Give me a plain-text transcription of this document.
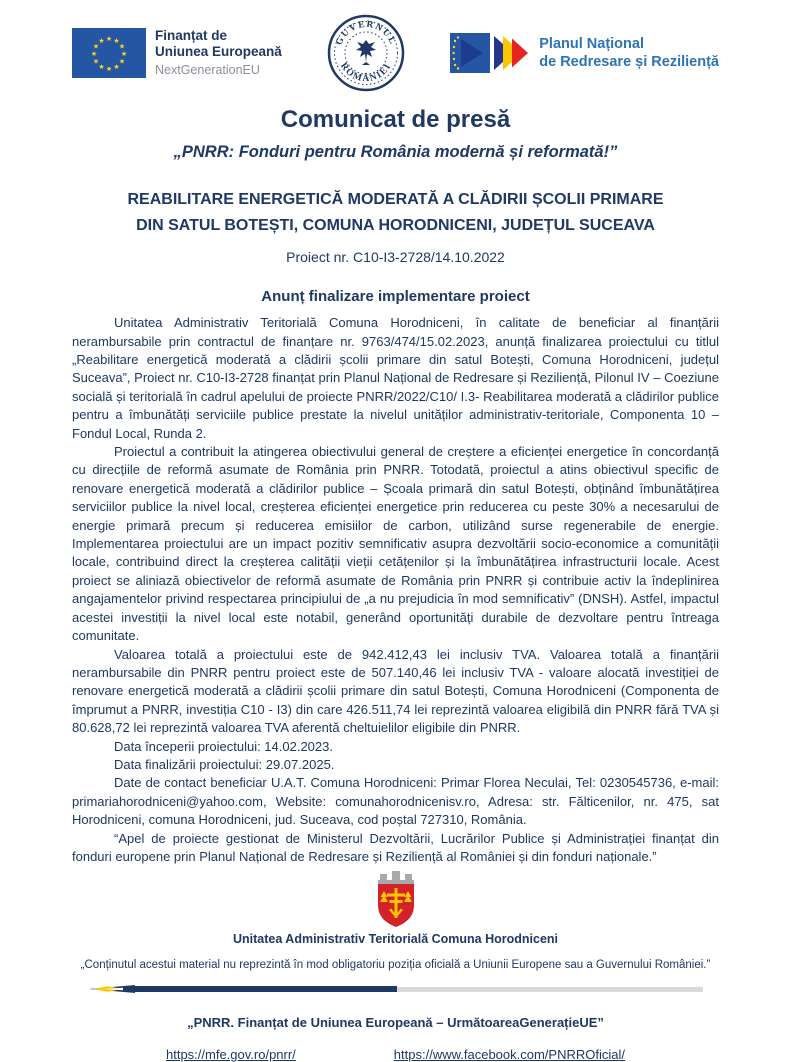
★ ★
★
★
★
★
★
★
★
★
★
★	Finanțat de
Uniunea Europeană
NextGenerationEU
GUVERNUL
ROMÂNIEI
Planul Național
de Redresare și Reziliență
Comunicat de presă
„PNRR: Fonduri pentru România modernă și reformată!”
REABILITARE ENERGETICĂ MODERATĂ A CLĂDIRII ȘCOLII PRIMARE
DIN SATUL BOTEȘTI, COMUNA HORODNICENI, JUDEȚUL SUCEAVA
Proiect nr. C10-I3-2728/14.10.2022
Anunț finalizare implementare proiect

Unitatea Administrativ Teritorială Comuna Horodniceni, în calitate de beneficiar al finanțării nerambursabile prin contractul de finanțare nr. 9763/474/15.02.2023, anunță finalizarea proiectului cu titlul „Reabilitare energetică moderată a clădirii școlii primare din satul Botești, Comuna Horodniceni, județul Suceava”, Proiect nr. C10-I3-2728 finanțat prin Planul Național de Redresare și Reziliență, Pilonul IV – Coeziune socială și teritorială în cadrul apelului de proiecte PNRR/2022/C10/ I.3- Reabilitarea moderată a clădirilor publice pentru a îmbunătăți serviciile publice prestate la nivelul unităților administrativ-teritoriale, Componenta 10 – Fondul Local, Runda 2.

Proiectul a contribuit la atingerea obiectivului general de creștere a eficienței energetice în concordanță cu direcțiile de reformă asumate de România prin PNRR. Totodată, proiectul a atins obiectivul specific de renovare energetică moderată a clădirilor publice – Școala primară din satul Botești, obținând îmbunătățirea serviciilor publice la nivel local, creșterea eficienței energetice prin reducerea cu peste 30% a necesarului de energie primară precum și reducerea emisiilor de carbon, utilizând surse regenerabile de energie. Implementarea proiectului are un impact pozitiv semnificativ asupra dezvoltării socio-economice a comunității locale, contribuind direct la creșterea calității vieții cetățenilor și la îmbunătățirea infrastructurii locale. Acest proiect se aliniază obiectivelor de reformă asumate de România prin PNRR și contribuie activ la îndeplinirea angajamentelor privind respectarea principiului de „a nu prejudicia în mod semnificativ” (DNSH). Astfel, impactul acestei investiții la nivel local este notabil, generând oportunități durabile de dezvoltare pentru întreaga comunitate.

Valoarea totală a proiectului este de 942.412,43 lei inclusiv TVA. Valoarea totală a finanțării nerambursabile din PNRR pentru proiect este de 507.140,46 lei inclusiv TVA - valoare alocată investiției de renovare energetică moderată a clădirii școlii primare din satul Botești, Comuna Horodniceni (Componenta de împrumut a PNRR, investiția C10 - I3) din care 426.511,74 lei reprezintă valoarea eligibilă din PNRR fără TVA și 80.628,72 lei reprezintă valoarea TVA aferentă cheltuielilor eligibile din PNRR.

Data începerii proiectului: 14.02.2023.

Data finalizării proiectului: 29.07.2025.

Date de contact beneficiar U.A.T. Comuna Horodniceni: Primar Florea Neculai, Tel: 0230545736, e-mail: primariahorodniceni@yahoo.com, Website: comunahorodnicenisv.ro, Adresa: str. Fălticenilor, nr. 475, sat Horodniceni, comuna Horodniceni, jud. Suceava, cod poștal 727310, România.

“Apel de proiecte gestionat de Ministerul Dezvoltării, Lucrărilor Publice și Administrației finanțat din fonduri europene prin Planul Național de Redresare și Reziliență al României și din fonduri naționale.”

Unitatea Administrativ Teritorială Comuna Horodniceni
„Conținutul acestui material nu reprezintă în mod obligatoriu poziția oficială a Uniunii Europene sau a Guvernului României.”
„PNRR. Finanțat de Uniunea Europeană – UrmătoareaGenerațieUE”
https://mfe.gov.ro/pnrr/	https://www.facebook.com/PNRROficial/
